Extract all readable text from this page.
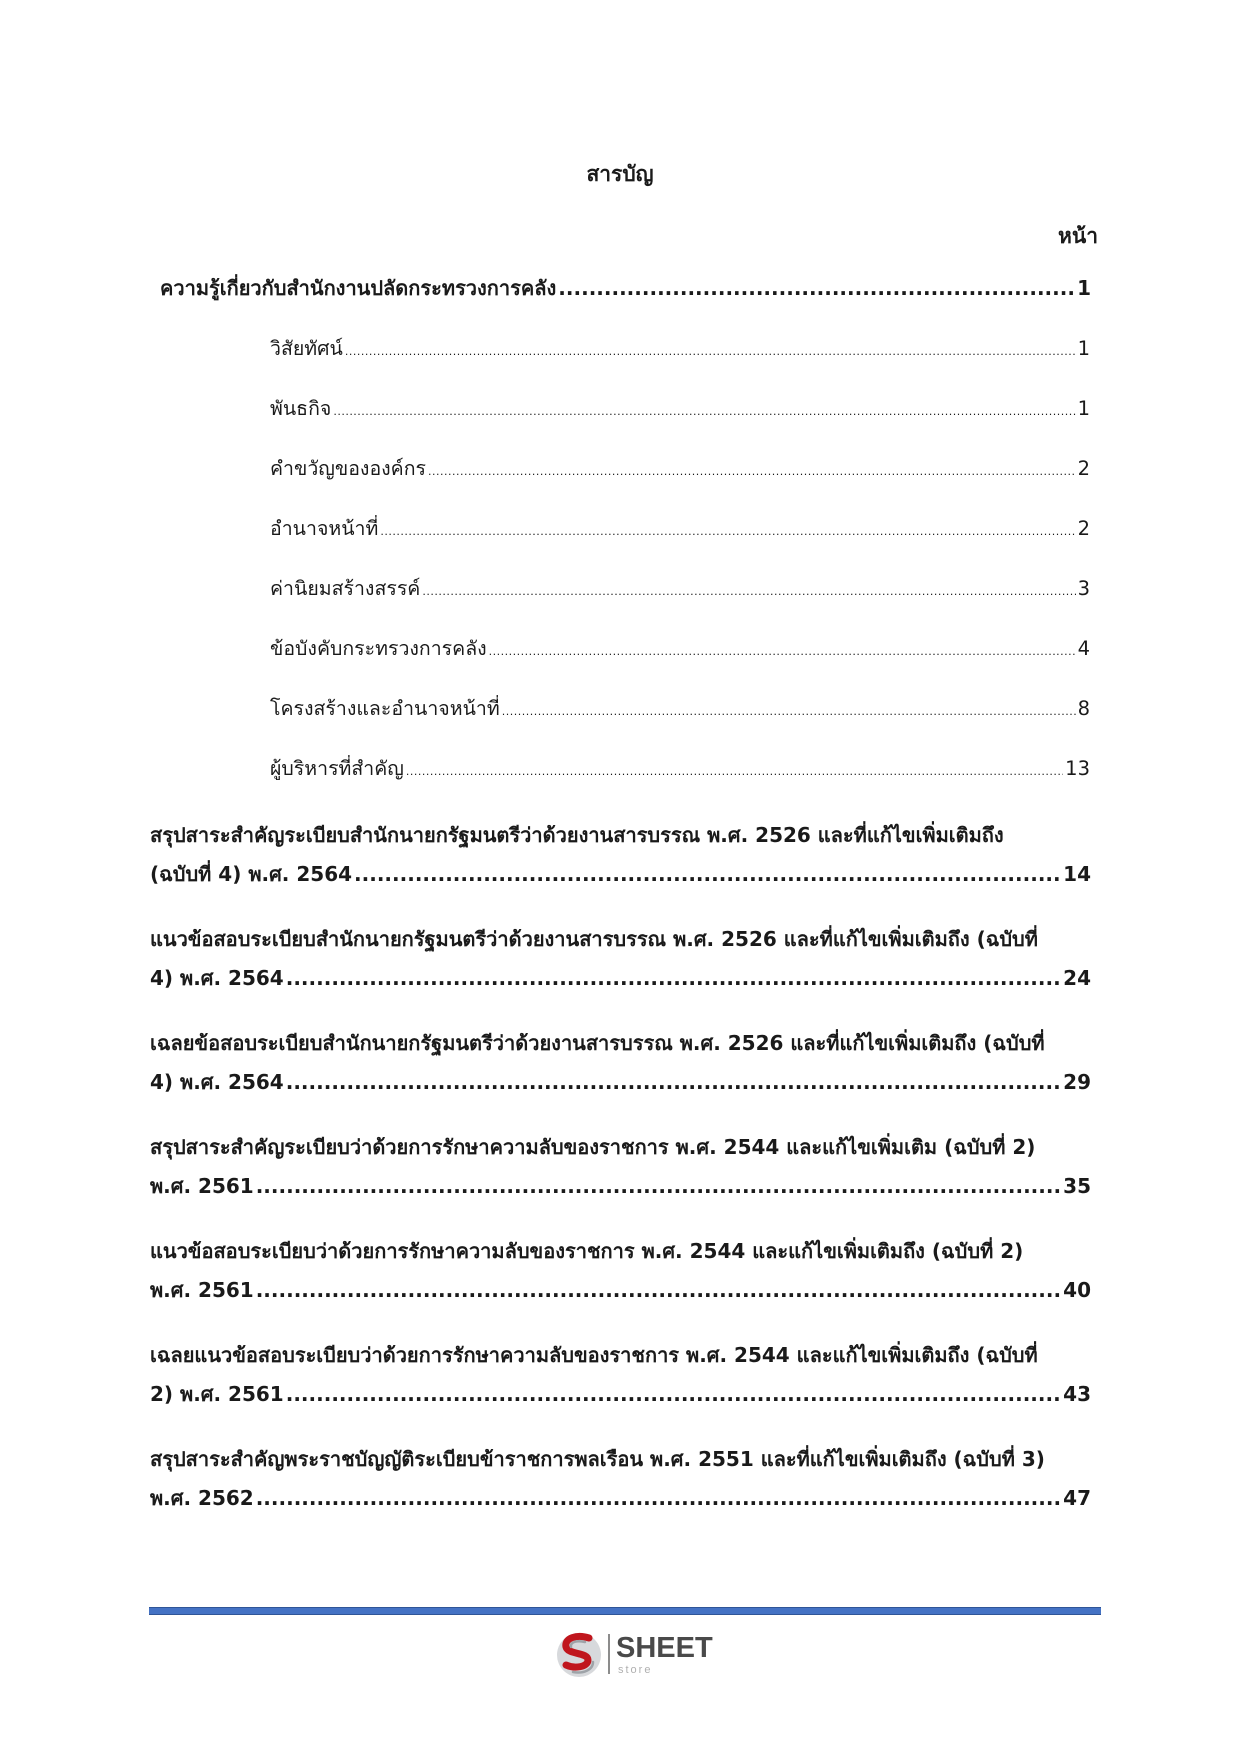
สารบัญ
หน้า
ความรู้เกี่ยวกับสำนักงานปลัดกระทรวงการคลัง .....	1
วิสัยทัศน์ .....	1
พันธกิจ .....	1
คำขวัญขององค์กร .....	2
อำนาจหน้าที่ .....	2
ค่านิยมสร้างสรรค์ .....	3
ข้อบังคับกระทรวงการคลัง .....	4
โครงสร้างและอำนาจหน้าที่ .....	8
ผู้บริหารที่สำคัญ .....	13
สรุปสาระสำคัญระเบียบสำนักนายกรัฐมนตรีว่าด้วยงานสารบรรณ พ.ศ. 2526 และที่แก้ไขเพิ่มเติมถึง
(ฉบับที่ 4) พ.ศ. 2564 .....	14
แนวข้อสอบระเบียบสำนักนายกรัฐมนตรีว่าด้วยงานสารบรรณ พ.ศ. 2526 และที่แก้ไขเพิ่มเติมถึง (ฉบับที่
4) พ.ศ. 2564 .....	24
เฉลยข้อสอบระเบียบสำนักนายกรัฐมนตรีว่าด้วยงานสารบรรณ พ.ศ. 2526 และที่แก้ไขเพิ่มเติมถึง (ฉบับที่
4) พ.ศ. 2564 .....	29
สรุปสาระสำคัญระเบียบว่าด้วยการรักษาความลับของราชการ พ.ศ. 2544 และแก้ไขเพิ่มเติม (ฉบับที่ 2)
พ.ศ. 2561 .....	35
แนวข้อสอบระเบียบว่าด้วยการรักษาความลับของราชการ พ.ศ. 2544 และแก้ไขเพิ่มเติมถึง (ฉบับที่ 2)
พ.ศ. 2561 .....	40
เฉลยแนวข้อสอบระเบียบว่าด้วยการรักษาความลับของราชการ พ.ศ. 2544 และแก้ไขเพิ่มเติมถึง (ฉบับที่
2) พ.ศ. 2561 .....	43
สรุปสาระสำคัญพระราชบัญญัติระเบียบข้าราชการพลเรือน พ.ศ. 2551 และที่แก้ไขเพิ่มเติมถึง (ฉบับที่ 3)
พ.ศ. 2562 .....	47
SHEET
store
